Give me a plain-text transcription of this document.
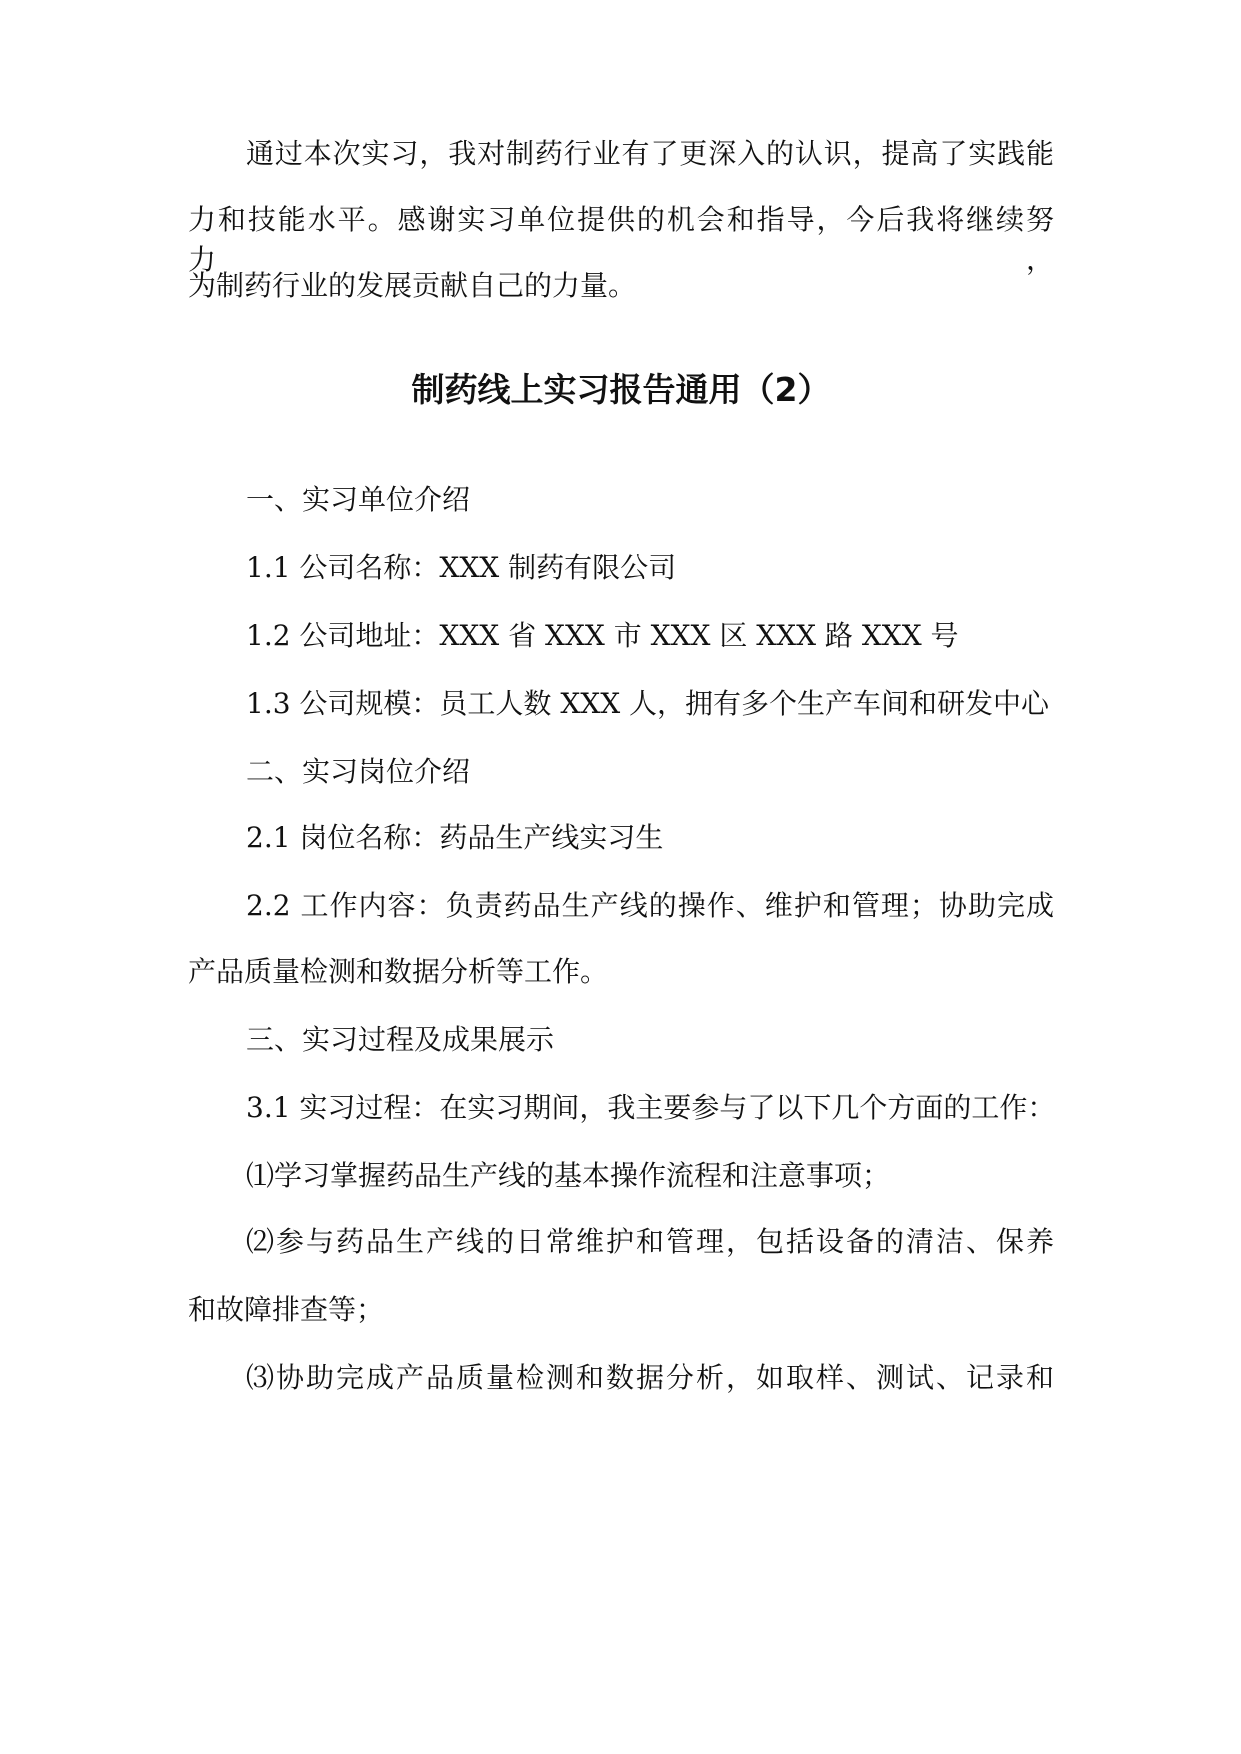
通过本次实习，我对制药行业有了更深入的认识，提高了实践能
力和技能水平。感谢实习单位提供的机会和指导，今后我将继续努力，
为制药行业的发展贡献自己的力量。
制药线上实习报告通用（2）
一、实习单位介绍
1.1 公司名称：XXX 制药有限公司
1.2 公司地址：XXX 省 XXX 市 XXX 区 XXX 路 XXX 号
1.3 公司规模：员工人数 XXX 人，拥有多个生产车间和研发中心
二、实习岗位介绍
2.1 岗位名称：药品生产线实习生
2.2 工作内容：负责药品生产线的操作、维护和管理；协助完成
产品质量检测和数据分析等工作。
三、实习过程及成果展示
3.1 实习过程：在实习期间，我主要参与了以下几个方面的工作：
⑴学习掌握药品生产线的基本操作流程和注意事项；
⑵参与药品生产线的日常维护和管理，包括设备的清洁、保养
和故障排查等；
⑶协助完成产品质量检测和数据分析，如取样、测试、记录和
